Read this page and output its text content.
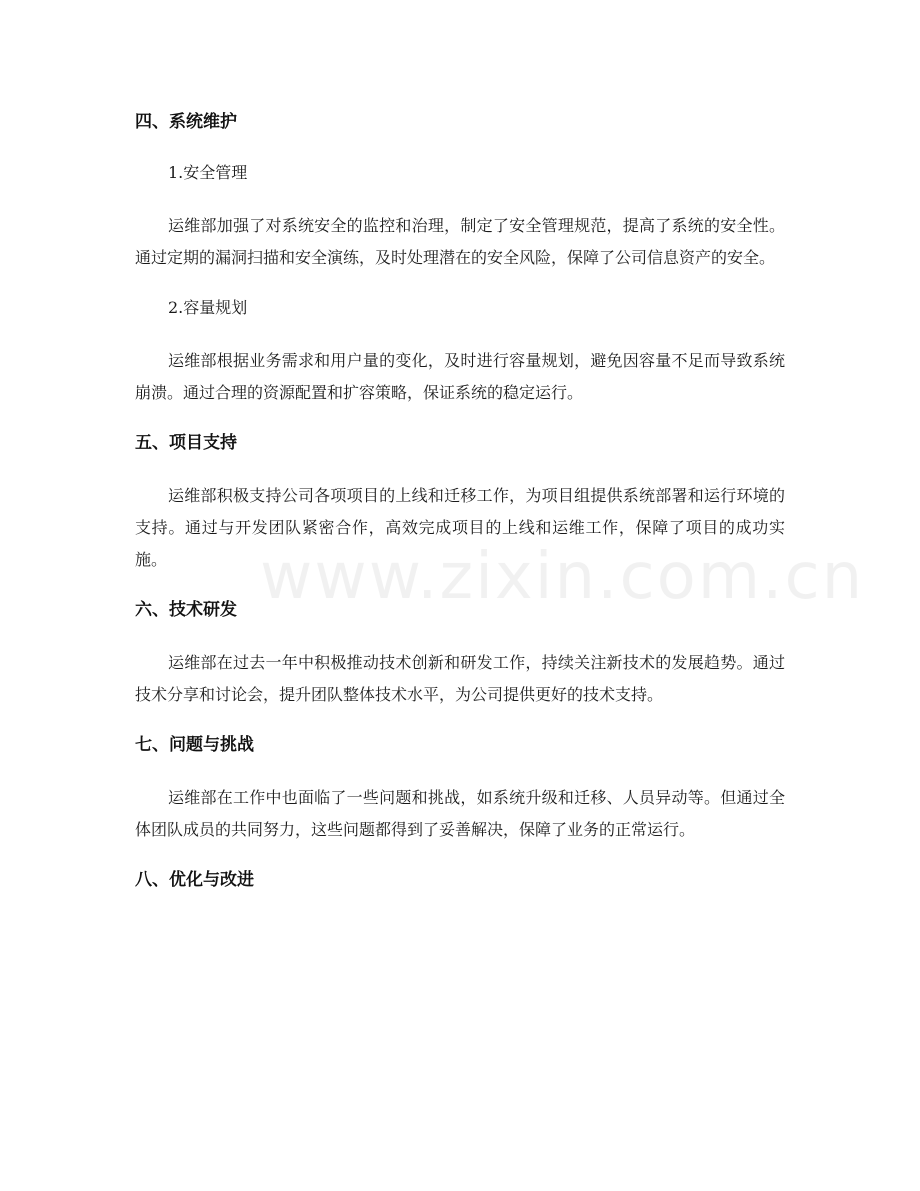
www.zixin.com.cn
四、系统维护
1.安全管理

运维部加强了对系统安全的监控和治理，制定了安全管理规范，提高了系统的安全性。通过定期的漏洞扫描和安全演练，及时处理潜在的安全风险，保障了公司信息资产的安全。

2.容量规划

运维部根据业务需求和用户量的变化，及时进行容量规划，避免因容量不足而导致系统崩溃。通过合理的资源配置和扩容策略，保证系统的稳定运行。

五、项目支持

运维部积极支持公司各项项目的上线和迁移工作，为项目组提供系统部署和运行环境的支持。通过与开发团队紧密合作，高效完成项目的上线和运维工作，保障了项目的成功实施。

六、技术研发

运维部在过去一年中积极推动技术创新和研发工作，持续关注新技术的发展趋势。通过技术分享和讨论会，提升团队整体技术水平，为公司提供更好的技术支持。

七、问题与挑战

运维部在工作中也面临了一些问题和挑战，如系统升级和迁移、人员异动等。但通过全体团队成员的共同努力，这些问题都得到了妥善解决，保障了业务的正常运行。

八、优化与改进
